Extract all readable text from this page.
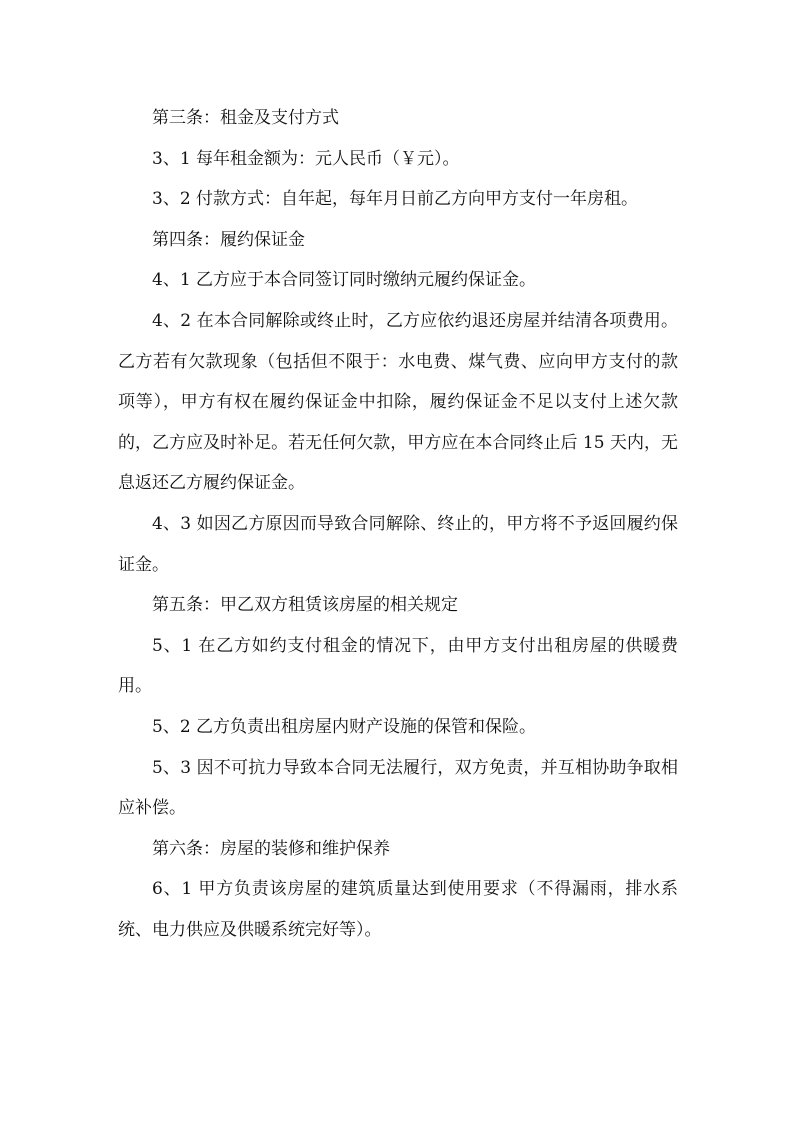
第三条：租金及支付方式

3、1 每年租金额为：元人民币（￥元）。

3、2 付款方式：自年起，每年月日前乙方向甲方支付一年房租。

第四条：履约保证金

4、1 乙方应于本合同签订同时缴纳元履约保证金。

4、2 在本合同解除或终止时，乙方应依约退还房屋并结清各项费用。乙方若有欠款现象（包括但不限于：水电费、煤气费、应向甲方支付的款项等），甲方有权在履约保证金中扣除，履约保证金不足以支付上述欠款的，乙方应及时补足。若无任何欠款，甲方应在本合同终止后 15 天内，无息返还乙方履约保证金。

4、3 如因乙方原因而导致合同解除、终止的，甲方将不予返回履约保证金。

第五条：甲乙双方租赁该房屋的相关规定

5、1 在乙方如约支付租金的情况下，由甲方支付出租房屋的供暖费用。

5、2 乙方负责出租房屋内财产设施的保管和保险。

5、3 因不可抗力导致本合同无法履行，双方免责，并互相协助争取相应补偿。

第六条：房屋的装修和维护保养

6、1 甲方负责该房屋的建筑质量达到使用要求（不得漏雨，排水系统、电力供应及供暖系统完好等）。
